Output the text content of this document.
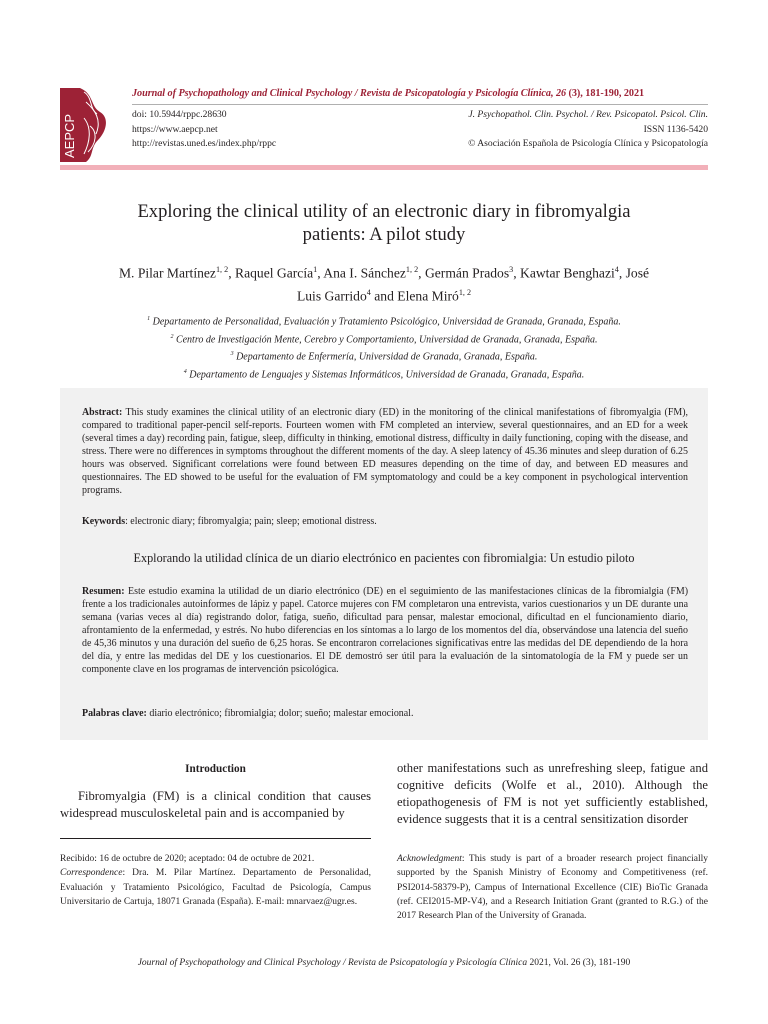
AEPCP
Journal of Psychopathology and Clinical Psychology / Revista de Psicopatología y Psicología Clínica, 26 (3), 181-190, 2021
doi: 10.5944/rppc.28630
https://www.aepcp.net
http://revistas.uned.es/index.php/rppc
J. Psychopathol. Clin. Psychol. / Rev. Psicopatol. Psicol. Clin.
ISSN 1136-5420
© Asociación Española de Psicología Clínica y Psicopatología
Exploring the clinical utility of an electronic diary in fibromyalgia
patients: A pilot study
M. Pilar Martínez$^{1, 2}$, Raquel García$^1$, Ana I. Sánchez$^{1, 2}$, Germán Prados$^3$, Kawtar Benghazi$^4$, José
Luis Garrido$^4$ and Elena Miró$^{1, 2}$
$^1$ Departamento de Personalidad, Evaluación y Tratamiento Psicológico, Universidad de Granada, Granada, España.
$^2$ Centro de Investigación Mente, Cerebro y Comportamiento, Universidad de Granada, Granada, España.
$^3$ Departamento de Enfermería, Universidad de Granada, Granada, España.
$^4$ Departamento de Lenguajes y Sistemas Informáticos, Universidad de Granada, Granada, España.
Abstract: This study examines the clinical utility of an electronic diary (ED) in the monitoring of the clinical manifestations of fibromyalgia (FM), compared to traditional paper-pencil self-reports. Fourteen women with FM completed an interview, several questionnaires, and an ED for a week (several times a day) recording pain, fatigue, sleep, difficulty in thinking, emotional distress, difficulty in daily functioning, coping with the disease, and stress. There were no differences in symptoms throughout the different moments of the day. A sleep latency of 45.36 minutes and sleep duration of 6.25 hours was observed. Significant correlations were found between ED measures depending on the time of day, and between ED measures and questionnaires. The ED showed to be useful for the evaluation of FM symptomatology and could be a key component in psychological intervention programs.
Keywords: electronic diary; fibromyalgia; pain; sleep; emotional distress.
Explorando la utilidad clínica de un diario electrónico en pacientes con fibromialgia: Un estudio piloto
Resumen: Este estudio examina la utilidad de un diario electrónico (DE) en el seguimiento de las manifestaciones clínicas de la fibromialgia (FM) frente a los tradicionales autoinformes de lápiz y papel. Catorce mujeres con FM completaron una entrevista, varios cuestionarios y un DE durante una semana (varias veces al día) registrando dolor, fatiga, sueño, dificultad para pensar, malestar emocional, dificultad en el funcionamiento diario, afrontamiento de la enfermedad, y estrés. No hubo diferencias en los síntomas a lo largo de los momentos del día, observándose una latencia del sueño de 45,36 minutos y una duración del sueño de 6,25 horas. Se encontraron correlaciones significativas entre las medidas del DE dependiendo de la hora del día, y entre las medidas del DE y los cuestionarios. El DE demostró ser útil para la evaluación de la sintomatología de la FM y puede ser un componente clave en los programas de intervención psicológica.
Palabras clave: diario electrónico; fibromialgia; dolor; sueño; malestar emocional.
Introduction
Fibromyalgia (FM) is a clinical condition that causes widespread musculoskeletal pain and is accompanied by
other manifestations such as unrefreshing sleep, fatigue and cognitive deficits (Wolfe et al., 2010). Although the etiopathogenesis of FM is not yet sufficiently established, evidence suggests that it is a central sensitization disorder
Recibido: 16 de octubre de 2020; aceptado: 04 de octubre de 2021.
Correspondence: Dra. M. Pilar Martínez. Departamento de Personalidad, Evaluación y Tratamiento Psicológico, Facultad de Psicología, Campus Universitario de Cartuja, 18071 Granada (España). E-mail: mnarvaez@ugr.es.
Acknowledgment: This study is part of a broader research project financially supported by the Spanish Ministry of Economy and Competitiveness (ref. PSI2014-58379-P), Campus of International Excellence (CIE) BioTic Granada (ref. CEI2015-MP-V4), and a Research Initiation Grant (granted to R.G.) of the 2017 Research Plan of the University of Granada.
Journal of Psychopathology and Clinical Psychology / Revista de Psicopatología y Psicología Clínica 2021, Vol. 26 (3), 181-190
